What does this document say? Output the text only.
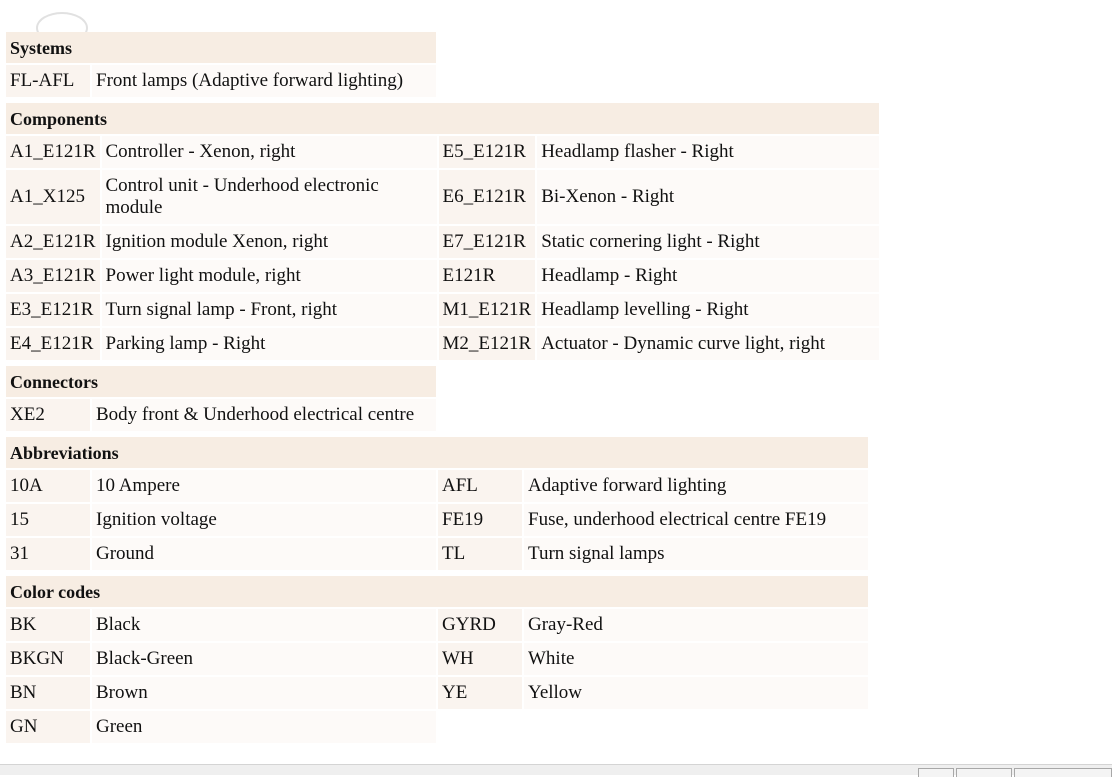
Systems
FL-AFL	Front lamps (Adaptive forward lighting)
Components			
A1_E121R	Controller - Xenon, right	E5_E121R	Headlamp flasher - Right
A1_X125	Control unit - Underhood electronic module	E6_E121R	Bi-Xenon - Right
A2_E121R	Ignition module Xenon, right	E7_E121R	Static cornering light - Right
A3_E121R	Power light module, right	E121R	Headlamp - Right
E3_E121R	Turn signal lamp - Front, right	M1_E121R	Headlamp levelling - Right
E4_E121R	Parking lamp - Right	M2_E121R	Actuator - Dynamic curve light, right
Connectors
XE2	Body front & Underhood electrical centre
Abbreviations			
10A	10 Ampere	AFL	Adaptive forward lighting
15	Ignition voltage	FE19	Fuse, underhood electrical centre FE19
31	Ground	TL	Turn signal lamps
Color codes			
BK	Black	GYRD	Gray-Red
BKGN	Black-Green	WH	White
BN	Brown	YE	Yellow
GN	Green		
